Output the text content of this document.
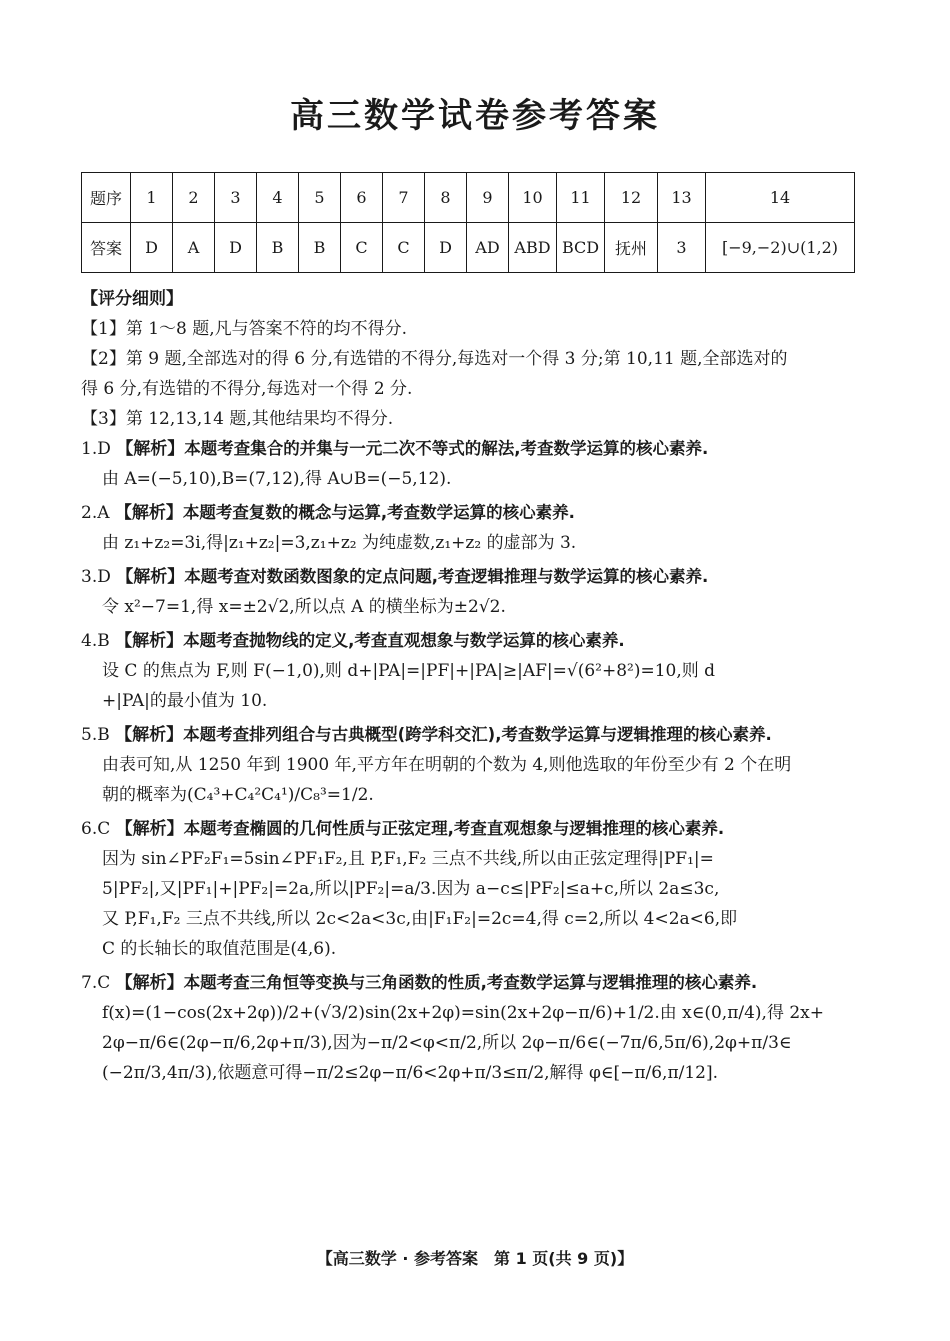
高三数学试卷参考答案
题序	1	2	3	4	5	6	7	8	9	10	11	12	13	14
答案	D	A	D	B	B	C	C	D	AD	ABD	BCD	抚州	3	[−9,−2)∪(1,2)
【评分细则】
【1】第 1～8 题,凡与答案不符的均不得分.
【2】第 9 题,全部选对的得 6 分,有选错的不得分,每选对一个得 3 分;第 10,11 题,全部选对的
得 6 分,有选错的不得分,每选对一个得 2 分.
【3】第 12,13,14 题,其他结果均不得分.
1.D 【解析】本题考查集合的并集与一元二次不等式的解法,考查数学运算的核心素养.
由 A=(−5,10),B=(7,12),得 A∪B=(−5,12).
2.A 【解析】本题考查复数的概念与运算,考查数学运算的核心素养.
由 z₁+z₂=3i,得|z₁+z₂|=3,z₁+z₂ 为纯虚数,z₁+z₂ 的虚部为 3.
3.D 【解析】本题考查对数函数图象的定点问题,考查逻辑推理与数学运算的核心素养.
令 x²−7=1,得 x=±2√2,所以点 A 的横坐标为±2√2.
4.B 【解析】本题考查抛物线的定义,考查直观想象与数学运算的核心素养.
设 C 的焦点为 F,则 F(−1,0),则 d+|PA|=|PF|+|PA|≥|AF|=√(6²+8²)=10,则 d
+|PA|的最小值为 10.
5.B 【解析】本题考查排列组合与古典概型(跨学科交汇),考查数学运算与逻辑推理的核心素养.
由表可知,从 1250 年到 1900 年,平方年在明朝的个数为 4,则他选取的年份至少有 2 个在明
朝的概率为(C₄³+C₄²C₄¹)/C₈³=1/2.
6.C 【解析】本题考查椭圆的几何性质与正弦定理,考查直观想象与逻辑推理的核心素养.
因为 sin∠PF₂F₁=5sin∠PF₁F₂,且 P,F₁,F₂ 三点不共线,所以由正弦定理得|PF₁|=
5|PF₂|,又|PF₁|+|PF₂|=2a,所以|PF₂|=a/3.因为 a−c≤|PF₂|≤a+c,所以 2a≤3c,
又 P,F₁,F₂ 三点不共线,所以 2c<2a<3c,由|F₁F₂|=2c=4,得 c=2,所以 4<2a<6,即
C 的长轴长的取值范围是(4,6).
7.C 【解析】本题考查三角恒等变换与三角函数的性质,考查数学运算与逻辑推理的核心素养.
f(x)=(1−cos(2x+2φ))/2+(√3/2)sin(2x+2φ)=sin(2x+2φ−π/6)+1/2.由 x∈(0,π/4),得 2x+
2φ−π/6∈(2φ−π/6,2φ+π/3),因为−π/2<φ<π/2,所以 2φ−π/6∈(−7π/6,5π/6),2φ+π/3∈
(−2π/3,4π/3),依题意可得−π/2≤2φ−π/6<2φ+π/3≤π/2,解得 φ∈[−π/6,π/12].
【高三数学 · 参考答案　第 1 页(共 9 页)】
